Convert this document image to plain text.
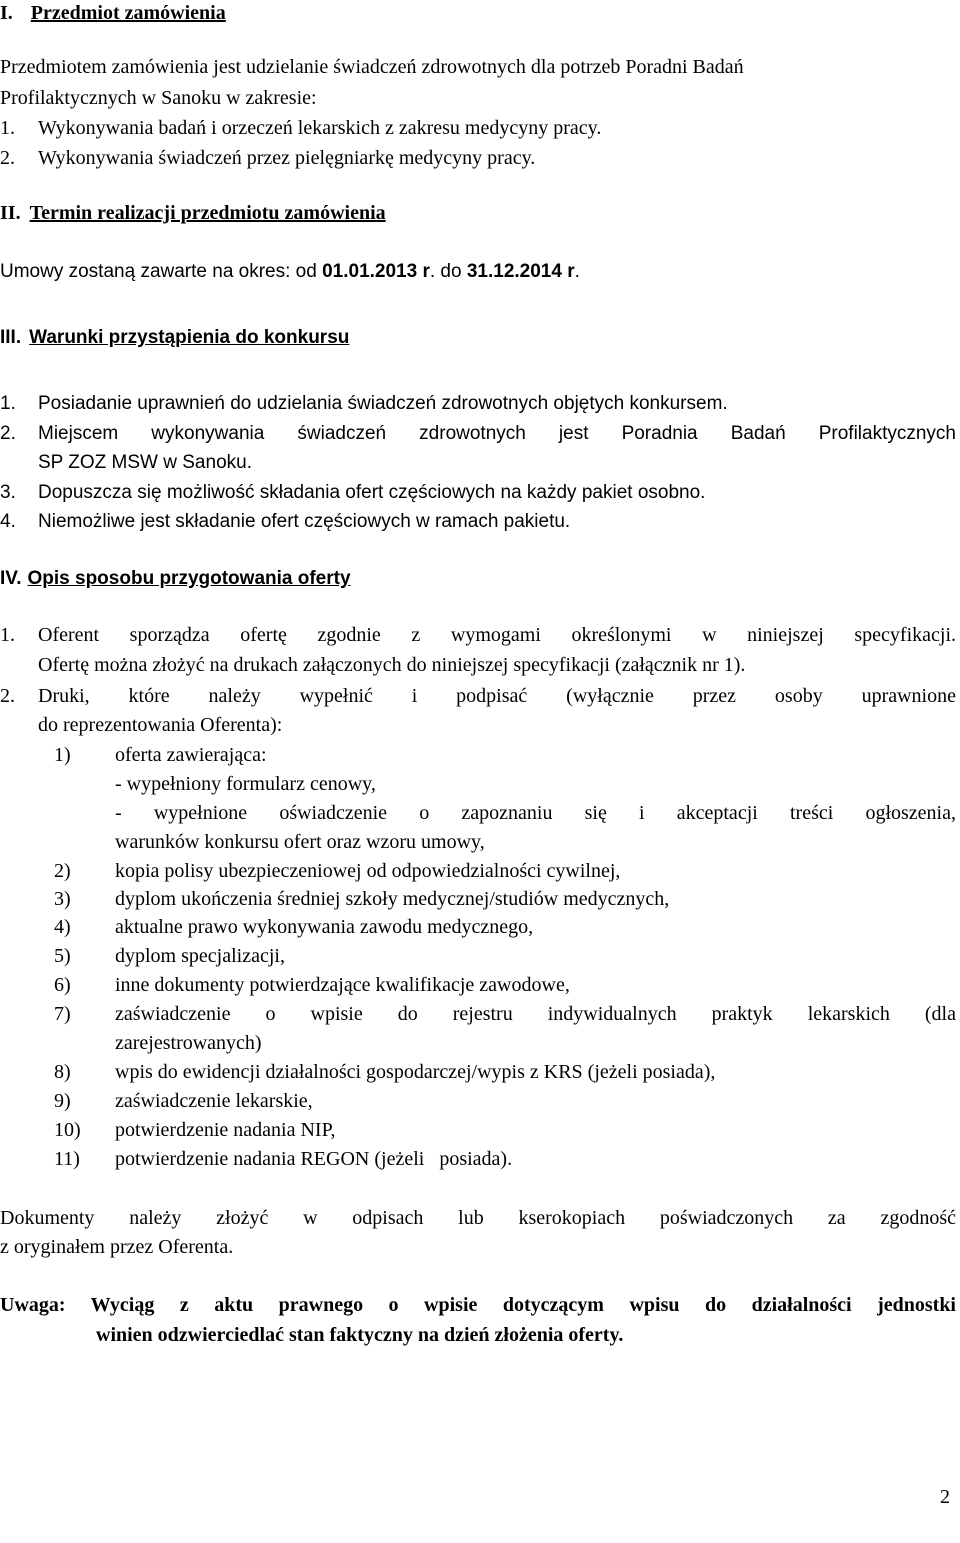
I. Przedmiot zamówienia
Przedmiotem zamówienia jest udzielanie świadczeń zdrowotnych dla potrzeb Poradni Badań
Profilaktycznych w Sanoku w zakresie:
1. Wykonywania badań i orzeczeń lekarskich z zakresu medycyny pracy.
2. Wykonywania świadczeń przez pielęgniarkę medycyny pracy.
II. Termin realizacji przedmiotu zamówienia
Umowy zostaną zawarte na okres: od 01.01.2013 r. do 31.12.2014 r.
III. Warunki przystąpienia do konkursu
1. Posiadanie uprawnień do udzielania świadczeń zdrowotnych objętych konkursem.
2.	Miejscem wykonywania świadczeń zdrowotnych jest Poradnia Badań Profilaktycznych
SP ZOZ MSW w Sanoku.
3. Dopuszcza się możliwość składania ofert częściowych na każdy pakiet osobno.
4. Niemożliwe jest składanie ofert częściowych w ramach pakietu.
IV. Opis sposobu przygotowania oferty
1.	Oferent sporządza ofertę zgodnie z wymogami określonymi w niniejszej specyfikacji.
Ofertę można złożyć na drukach załączonych do niniejszej specyfikacji (załącznik nr 1).
2.	Druki, które należy wypełnić i podpisać (wyłącznie przez osoby uprawnione
do reprezentowania Oferenta):
1) oferta zawierająca:
- wypełniony formularz cenowy,
- wypełnione oświadczenie o zapoznaniu się i akceptacji treści ogłoszenia,
warunków konkursu ofert oraz wzoru umowy,
2) kopia polisy ubezpieczeniowej od odpowiedzialności cywilnej,
3) dyplom ukończenia średniej szkoły medycznej/studiów medycznych,
4) aktualne prawo wykonywania zawodu medycznego,
5) dyplom specjalizacji,
6) inne dokumenty potwierdzające kwalifikacje zawodowe,
7)	zaświadczenie o wpisie do rejestru indywidualnych praktyk lekarskich (dla
zarejestrowanych)
8) wpis do ewidencji działalności gospodarczej/wypis z KRS (jeżeli posiada),
9) zaświadczenie lekarskie,
10) potwierdzenie nadania NIP,
11) potwierdzenie nadania REGON (jeżeli   posiada).
Dokumenty należy złożyć w odpisach lub kserokopiach poświadczonych za zgodność
z oryginałem przez Oferenta.
Uwaga: Wyciąg z aktu prawnego o wpisie dotyczącym wpisu do działalności jednostki
winien odzwierciedlać stan faktyczny na dzień złożenia oferty.
2
